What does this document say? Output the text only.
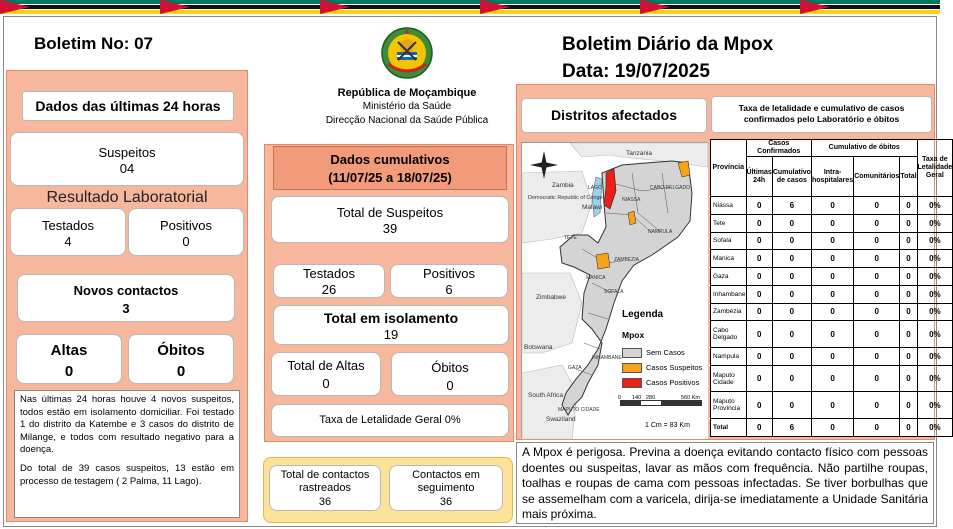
Boletim No: 07	Boletim Diário da Mpox
Data: 19/07/2025
República de Moçambique
Ministério da Saúde
Direcção Nacional da Saúde Pública
Dados das últimas 24 horas
Suspeitos
04
Resultado Laboratorial
Testados
4
Positivos
0
Novos contactos
3
Altas
0
Óbitos
0

Nas últimas 24 horas houve 4 novos suspeitos, todos estão em isolamento domiciliar. Foi testado 1 do distrito da Katembe e 3 casos do distrito de Milange, e todos com resultado negativo para a doença.

Do total de 39 casos suspeitos, 13 estão em processo de testagem ( 2 Palma, 11 Lago).

Dados cumulativos
(11/07/25 a 18/07/25)
Total de Suspeitos
39
Testados
26
Positivos
6
Total em isolamento
19
Total de Altas
0
Óbitos
0
Taxa de Letalidade Geral 0%
Total de contactos rastreados
36
Contactos em seguimento
36
Distritos afectados	Taxa de letalidade e cumulativo de casos confirmados pelo Laboratório e óbitos
Tanzania
Zambia
Democratic Republic of Congo
Malawi
Zimbabwe
Botswana
South Africa
Swaziland
LAGO	CABO DELGADO
NIASSA
NAMPULA
TETE
ZAMBEZIA
MANICA
SOFALA
INHAMBANE
GAZA
MAPUTO CIDADE
Legenda
Mpox
Sem Casos
Casos Suspeitos
Casos Positivos
0 140 280	560 Km
1 Cm = 83 Km
Província	Casos Confirmados		Cumulativo de óbitos			Taxa de Letalidade Geral
	Últimas 24h	Cumulativo de casos	Intra-hospitalares	Comunitários	Total	
Niassa	0	6	0	0	0	0%
Tete	0	0	0	0	0	0%
Sofala	0	0	0	0	0	0%
Manica	0	0	0	0	0	0%
Gaza	0	0	0	0	0	0%
Inhambane	0	0	0	0	0	0%
Zambézia	0	0	0	0	0	0%
Cabo Delgado	0	0	0	0	0	0%
Nampula	0	0	0	0	0	0%
Maputo Cidade	0	0	0	0	0	0%
Maputo Província	0	0	0	0	0	0%
Total	0	6	0	0	0	0%
A Mpox é perigosa. Previna a doença evitando contacto físico com pessoas doentes ou suspeitas, lavar as mãos com frequência. Não partilhe roupas, toalhas e roupas de cama com pessoas infectadas. Se tiver borbulhas que se assemelham com a varicela, dirija-se imediatamente a Unidade Sanitária mais próxima.
